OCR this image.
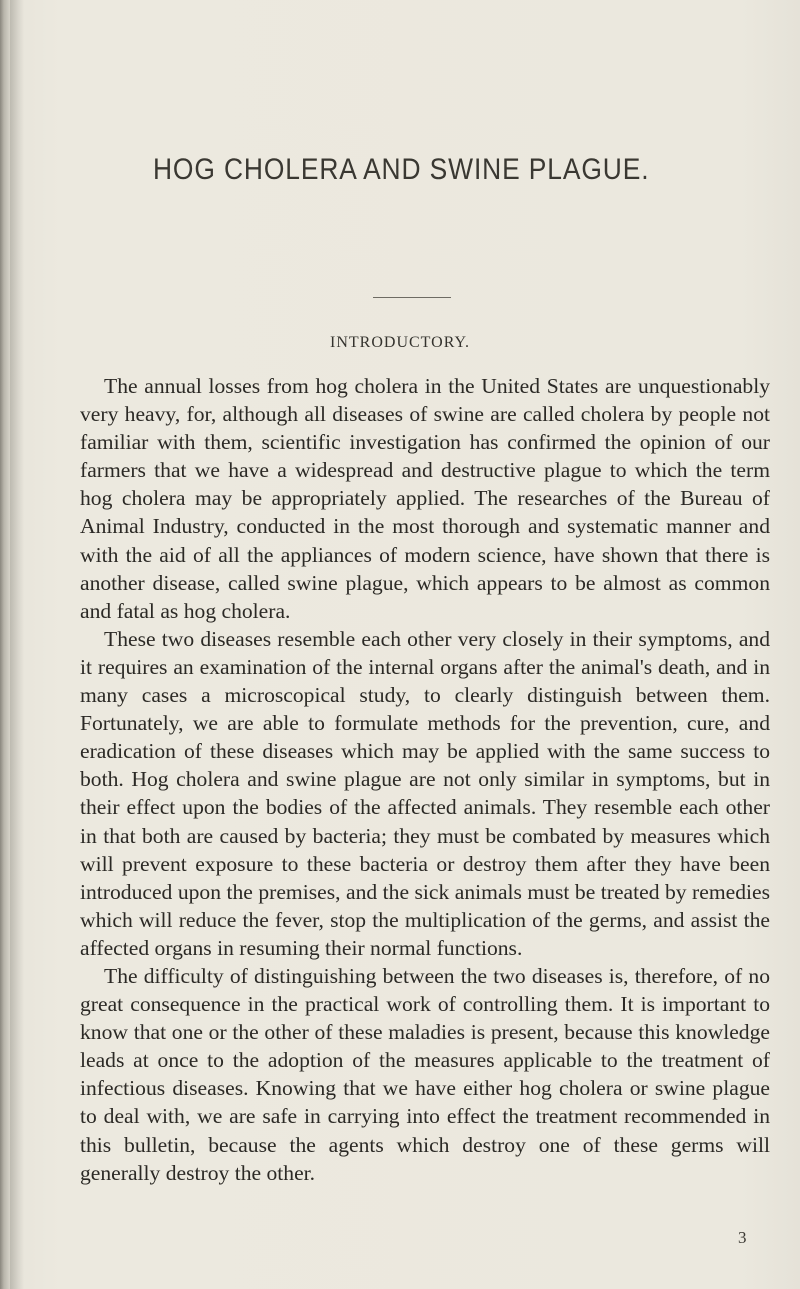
HOG CHOLERA AND SWINE PLAGUE.
INTRODUCTORY.

The annual losses from hog cholera in the United States are unquestionably very heavy, for, although all diseases of swine are called cholera by people not familiar with them, scientific investigation has confirmed the opinion of our farmers that we have a widespread and destructive plague to which the term hog cholera may be appropriately applied. The researches of the Bureau of Animal Industry, conducted in the most thorough and systematic manner and with the aid of all the appliances of modern science, have shown that there is another disease, called swine plague, which appears to be almost as common and fatal as hog cholera.

These two diseases resemble each other very closely in their symptoms, and it requires an examination of the internal organs after the animal's death, and in many cases a microscopical study, to clearly distinguish between them. Fortunately, we are able to formulate methods for the prevention, cure, and eradication of these diseases which may be applied with the same success to both. Hog cholera and swine plague are not only similar in symptoms, but in their effect upon the bodies of the affected animals. They resemble each other in that both are caused by bacteria; they must be combated by measures which will prevent exposure to these bacteria or destroy them after they have been introduced upon the premises, and the sick animals must be treated by remedies which will reduce the fever, stop the multiplication of the germs, and assist the affected organs in resuming their normal functions.

The difficulty of distinguishing between the two diseases is, therefore, of no great consequence in the practical work of controlling them. It is important to know that one or the other of these maladies is present, because this knowledge leads at once to the adoption of the measures applicable to the treatment of infectious diseases. Knowing that we have either hog cholera or swine plague to deal with, we are safe in carrying into effect the treatment recommended in this bulletin, because the agents which destroy one of these germs will generally destroy the other.

3
